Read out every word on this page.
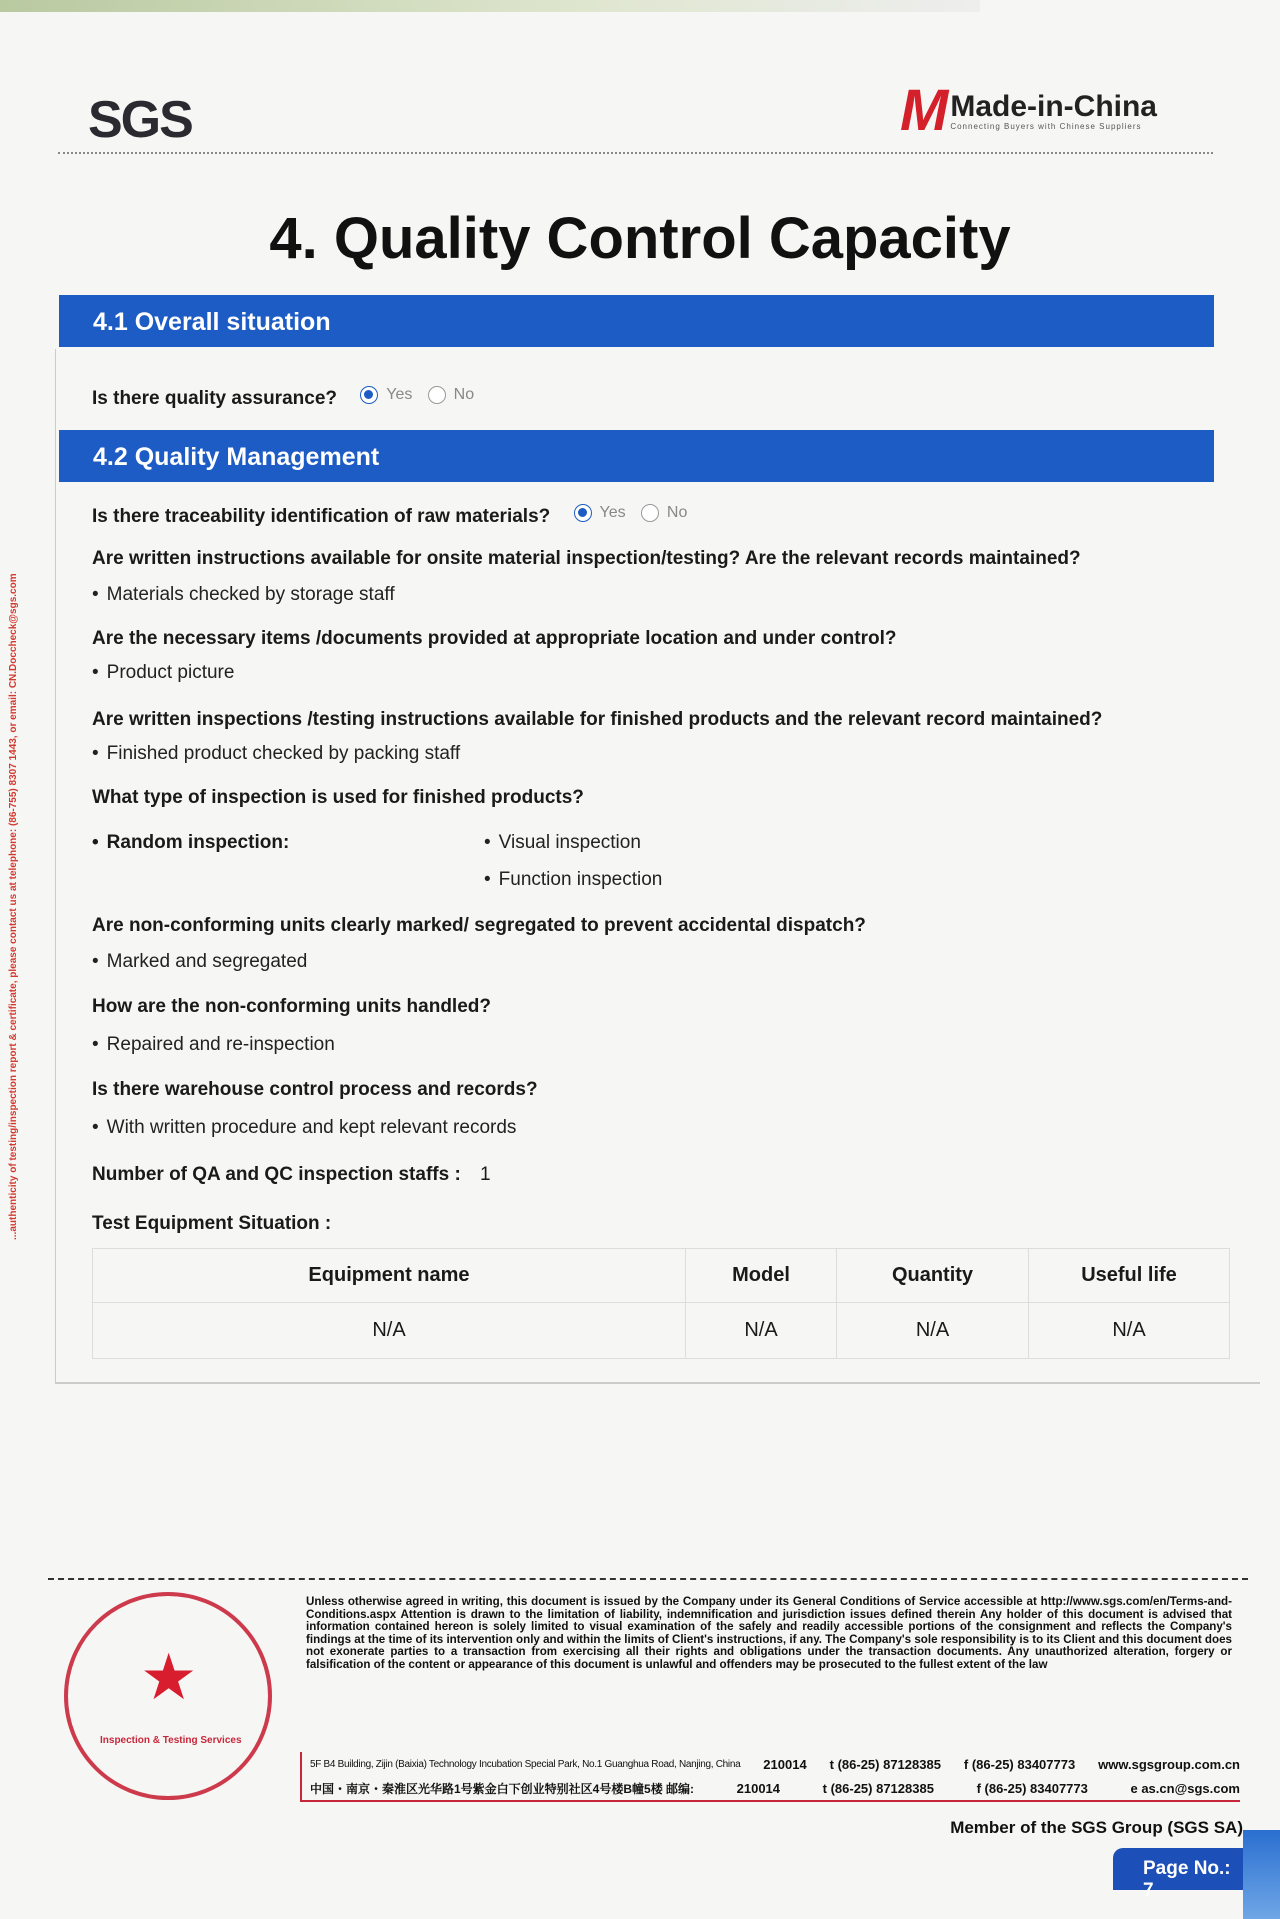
...authenticity of testing/inspection report & certificate, please contact us at telephone: (86-755) 8307 1443, or email: CN.Doccheck@sgs.com
SGS	M Made-in-China
Connecting Buyers with Chinese Suppliers
4. Quality Control Capacity
4.1 Overall situation
Is there quality assurance?	Yes
	No
4.2 Quality Management
Is there traceability identification of raw materials?	Yes
	No
Are written instructions available for onsite material inspection/testing? Are the relevant records maintained?
• Materials checked by storage staff
Are the necessary items /documents provided at appropriate location and under control?
• Product picture
Are written inspections /testing instructions available for finished products and the relevant record maintained?
• Finished product checked by packing staff
What type of inspection is used for finished products?
• Random inspection:	• Visual inspection
• Function inspection
Are non-conforming units clearly marked/ segregated to prevent accidental dispatch?
• Marked and segregated
How are the non-conforming units handled?
• Repaired and re-inspection
Is there warehouse control process and records?
• With written procedure and kept relevant records
Number of QA and QC inspection staffs : 1
Test Equipment Situation :
Equipment name	Model	Quantity	Useful life
N/A	N/A	N/A	N/A
★
Inspection & Testing Services
Unless otherwise agreed in writing, this document is issued by the Company under its General Conditions of Service accessible at http://www.sgs.com/en/Terms-and-Conditions.aspx Attention is drawn to the limitation of liability, indemnification and jurisdiction issues defined therein Any holder of this document is advised that information contained hereon is solely limited to visual examination of the safely and readily accessible portions of the consignment and reflects the Company's findings at the time of its intervention only and within the limits of Client's instructions, if any. The Company's sole responsibility is to its Client and this document does not exonerate parties to a transaction from exercising all their rights and obligations under the transaction documents. Any unauthorized alteration, forgery or falsification of the content or appearance of this document is unlawful and offenders may be prosecuted to the fullest extent of the law
5F B4 Building, Zijin (Baixia) Technology Incubation Special Park, No.1 Guanghua Road, Nanjing, China 210014 t (86-25) 87128385 f (86-25) 83407773 www.sgsgroup.com.cn
中国・南京・秦淮区光华路1号紫金白下创业特别社区4号楼B幢5楼 邮编:	210014	t (86-25) 87128385	f (86-25) 83407773	e as.cn@sgs.com
Member of the SGS Group (SGS SA)
Page No.: 7
